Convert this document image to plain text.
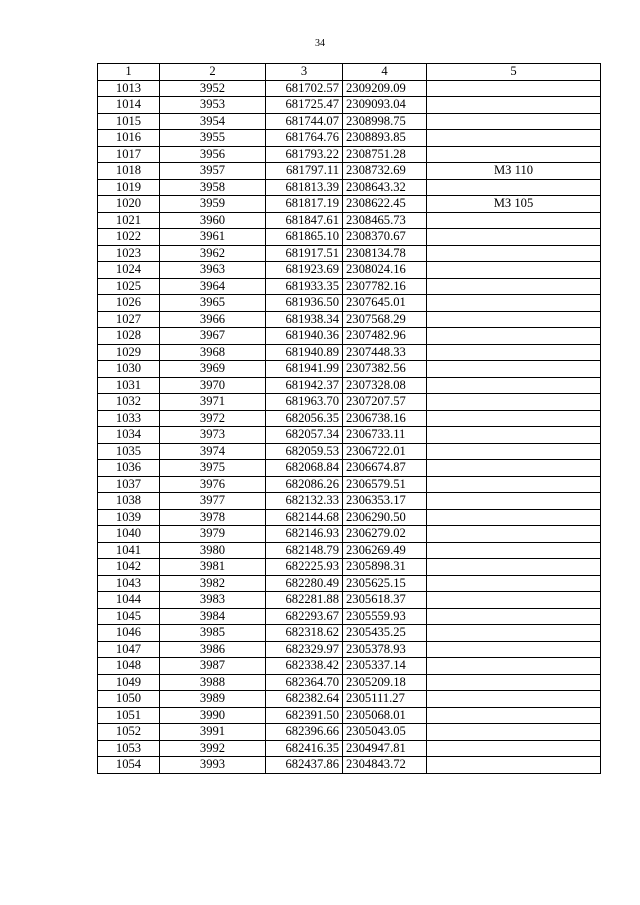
34
1	2	3	4	5
1013	3952	681702.57	2309209.09	
1014	3953	681725.47	2309093.04	
1015	3954	681744.07	2308998.75	
1016	3955	681764.76	2308893.85	
1017	3956	681793.22	2308751.28	
1018	3957	681797.11	2308732.69	МЗ 110
1019	3958	681813.39	2308643.32	
1020	3959	681817.19	2308622.45	МЗ 105
1021	3960	681847.61	2308465.73	
1022	3961	681865.10	2308370.67	
1023	3962	681917.51	2308134.78	
1024	3963	681923.69	2308024.16	
1025	3964	681933.35	2307782.16	
1026	3965	681936.50	2307645.01	
1027	3966	681938.34	2307568.29	
1028	3967	681940.36	2307482.96	
1029	3968	681940.89	2307448.33	
1030	3969	681941.99	2307382.56	
1031	3970	681942.37	2307328.08	
1032	3971	681963.70	2307207.57	
1033	3972	682056.35	2306738.16	
1034	3973	682057.34	2306733.11	
1035	3974	682059.53	2306722.01	
1036	3975	682068.84	2306674.87	
1037	3976	682086.26	2306579.51	
1038	3977	682132.33	2306353.17	
1039	3978	682144.68	2306290.50	
1040	3979	682146.93	2306279.02	
1041	3980	682148.79	2306269.49	
1042	3981	682225.93	2305898.31	
1043	3982	682280.49	2305625.15	
1044	3983	682281.88	2305618.37	
1045	3984	682293.67	2305559.93	
1046	3985	682318.62	2305435.25	
1047	3986	682329.97	2305378.93	
1048	3987	682338.42	2305337.14	
1049	3988	682364.70	2305209.18	
1050	3989	682382.64	2305111.27	
1051	3990	682391.50	2305068.01	
1052	3991	682396.66	2305043.05	
1053	3992	682416.35	2304947.81	
1054	3993	682437.86	2304843.72	
